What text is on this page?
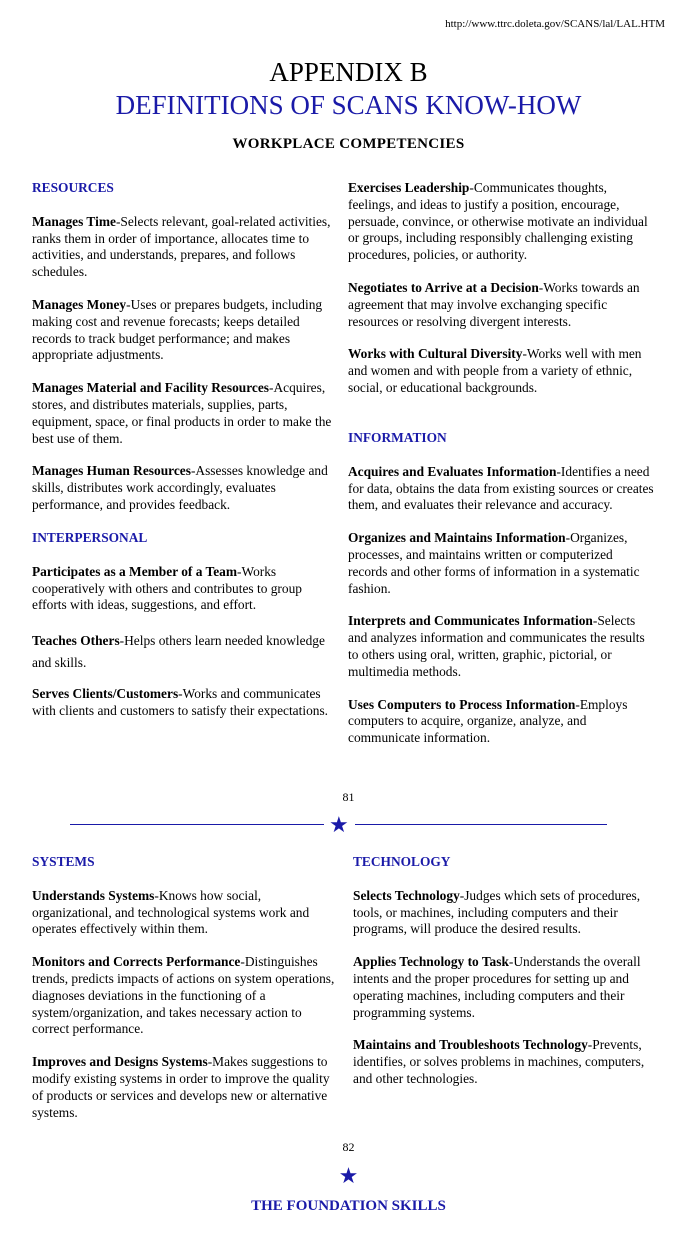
http://www.ttrc.doleta.gov/SCANS/lal/LAL.HTM
APPENDIX B
DEFINITIONS OF SCANS KNOW-HOW
WORKPLACE COMPETENCIES
RESOURCES

Manages Time-Selects relevant, goal-related activities, ranks them in order of importance, allocates time to activities, and understands, prepares, and follows schedules.

Manages Money-Uses or prepares budgets, including making cost and revenue forecasts; keeps detailed records to track budget performance; and makes appropriate adjustments.

Manages Material and Facility Resources-Acquires, stores, and distributes materials, supplies, parts, equipment, space, or final products in order to make the best use of them.

Manages Human Resources-Assesses knowledge and skills, distributes work accordingly, evaluates performance, and provides feedback.

INTERPERSONAL

Participates as a Member of a Team-Works cooperatively with others and contributes to group efforts with ideas, suggestions, and effort.

Teaches Others-Helps others learn needed knowledge and skills.

Serves Clients/Customers-Works and communicates with clients and customers to satisfy their expectations.

Exercises Leadership-Communicates thoughts, feelings, and ideas to justify a position, encourage, persuade, convince, or otherwise motivate an individual or groups, including responsibly challenging existing procedures, policies, or authority.

Negotiates to Arrive at a Decision-Works towards an agreement that may involve exchanging specific resources or resolving divergent interests.

Works with Cultural Diversity-Works well with men and women and with people from a variety of ethnic, social, or educational backgrounds.

INFORMATION

Acquires and Evaluates Information-Identifies a need for data, obtains the data from existing sources or creates them, and evaluates their relevance and accuracy.

Organizes and Maintains Information-Organizes, processes, and maintains written or computerized records and other forms of information in a systematic fashion.

Interprets and Communicates Information-Selects and analyzes information and communicates the results to others using oral, written, graphic, pictorial, or multimedia methods.

Uses Computers to Process Information-Employs computers to acquire, organize, analyze, and communicate information.

81
★
SYSTEMS

Understands Systems-Knows how social, organizational, and technological systems work and operates effectively within them.

Monitors and Corrects Performance-Distinguishes trends, predicts impacts of actions on system operations, diagnoses deviations in the functioning of a system/organization, and takes necessary action to correct performance.

Improves and Designs Systems-Makes suggestions to modify existing systems in order to improve the quality of products or services and develops new or alternative systems.

TECHNOLOGY

Selects Technology-Judges which sets of procedures, tools, or machines, including computers and their programs, will produce the desired results.

Applies Technology to Task-Understands the overall intents and the proper procedures for setting up and operating machines, including computers and their programming systems.

Maintains and Troubleshoots Technology-Prevents, identifies, or solves problems in machines, computers, and other technologies.

82
★
THE FOUNDATION SKILLS
